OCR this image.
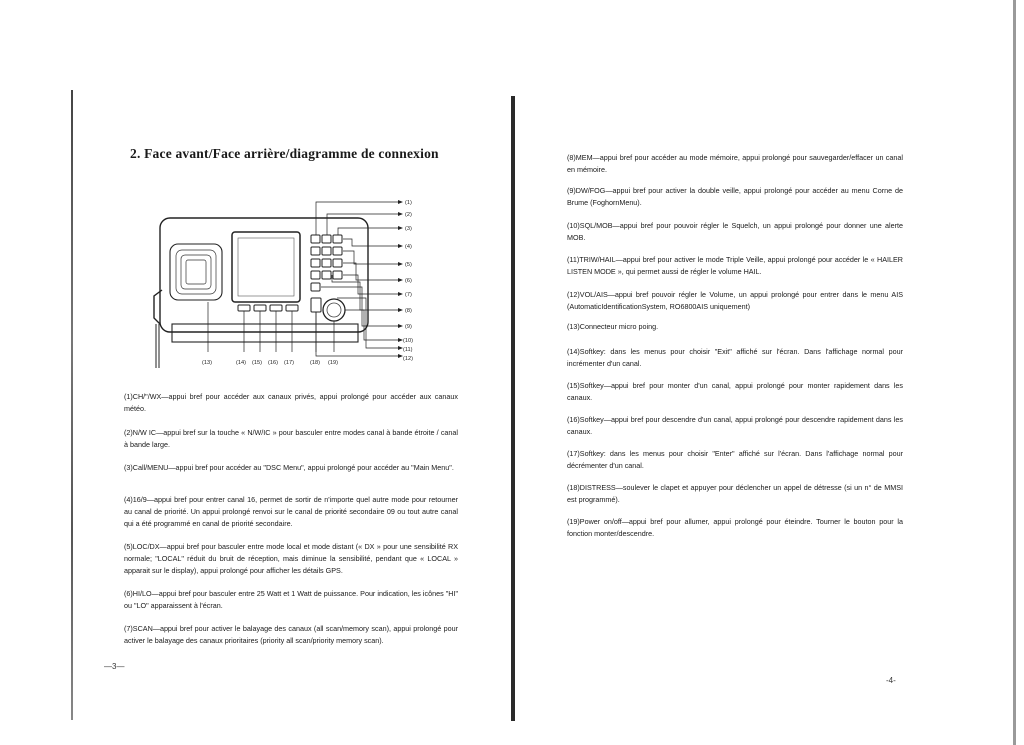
2. Face avant/Face arrière/diagramme de connexion
(1)
(2)
(3)
(4)
(5)
(6)
(7)
(8)
(9)
(10)
(11)
(12)
(13)	(14) (15) (16) (17)	(18) (19)

(1)CH/"/WX—appui bref pour accéder aux canaux privés, appui prolongé pour accéder aux canaux météo.

(2)N/W IC—appui bref sur la touche « N/W/IC » pour basculer entre modes canal à bande étroite / canal à bande large.

(3)Call/MENU—appui bref pour accéder au "DSC Menu", appui prolongé pour accéder au "Main Menu".

(4)16/9—appui bref pour entrer canal 16, permet de sortir de n'importe quel autre mode pour retourner au canal de priorité. Un appui prolongé renvoi sur le canal de priorité secondaire 09 ou tout autre canal qui a été programmé en canal de priorité secondaire.

(5)LOC/DX—appui bref pour basculer entre mode local et mode distant (« DX » pour une sensibilité RX normale; "LOCAL" réduit du bruit de réception, mais diminue la sensibilité, pendant que « LOCAL » apparait sur le display), appui prolongé pour afficher les détails GPS.

(6)HI/LO—appui bref pour basculer entre 25 Watt et 1 Watt de puissance. Pour indication, les icônes "HI" ou "LO" apparaissent à l'écran.

(7)SCAN—appui bref pour activer le balayage des canaux (all scan/memory scan), appui prolongé pour activer le balayage des canaux prioritaires (priority all scan/priority memory scan).

—3—

(8)MEM—appui bref pour accéder au mode mémoire, appui prolongé pour sauvegarder/effacer un canal en mémoire.

(9)DW/FOG—appui bref pour activer la double veille, appui prolongé pour accéder au menu Corne de Brume (FoghornMenu).

(10)SQL/MOB—appui bref pour pouvoir régler le Squelch, un appui prolongé pour donner une alerte MOB.

(11)TRIW/HAIL—appui bref pour activer le mode Triple Veille, appui prolongé pour accéder le « HAILER LISTEN MODE », qui permet aussi de régler le volume HAIL.

(12)VOL/AIS—appui bref pouvoir régler le Volume, un appui prolongé pour entrer dans le menu AIS (AutomaticIdentificationSystem, RO6800AIS uniquement)

(13)Connecteur micro poing.

(14)Softkey: dans les menus pour choisir "Exit" affiché sur l'écran. Dans l'affichage normal pour incrémenter d'un canal.

(15)Softkey—appui bref pour monter d'un canal, appui prolongé pour monter rapidement dans les canaux.

(16)Softkey—appui bref pour descendre d'un canal, appui prolongé pour descendre rapidement dans les canaux.

(17)Softkey: dans les menus pour choisir "Enter" affiché sur l'écran. Dans l'affichage normal pour décrémenter d'un canal.

(18)DISTRESS—soulever le clapet et appuyer pour déclencher un appel de détresse (si un n° de MMSI est programmé).

(19)Power on/off—appui bref pour allumer, appui prolongé pour éteindre. Tourner le bouton pour la fonction monter/descendre.

-4-
